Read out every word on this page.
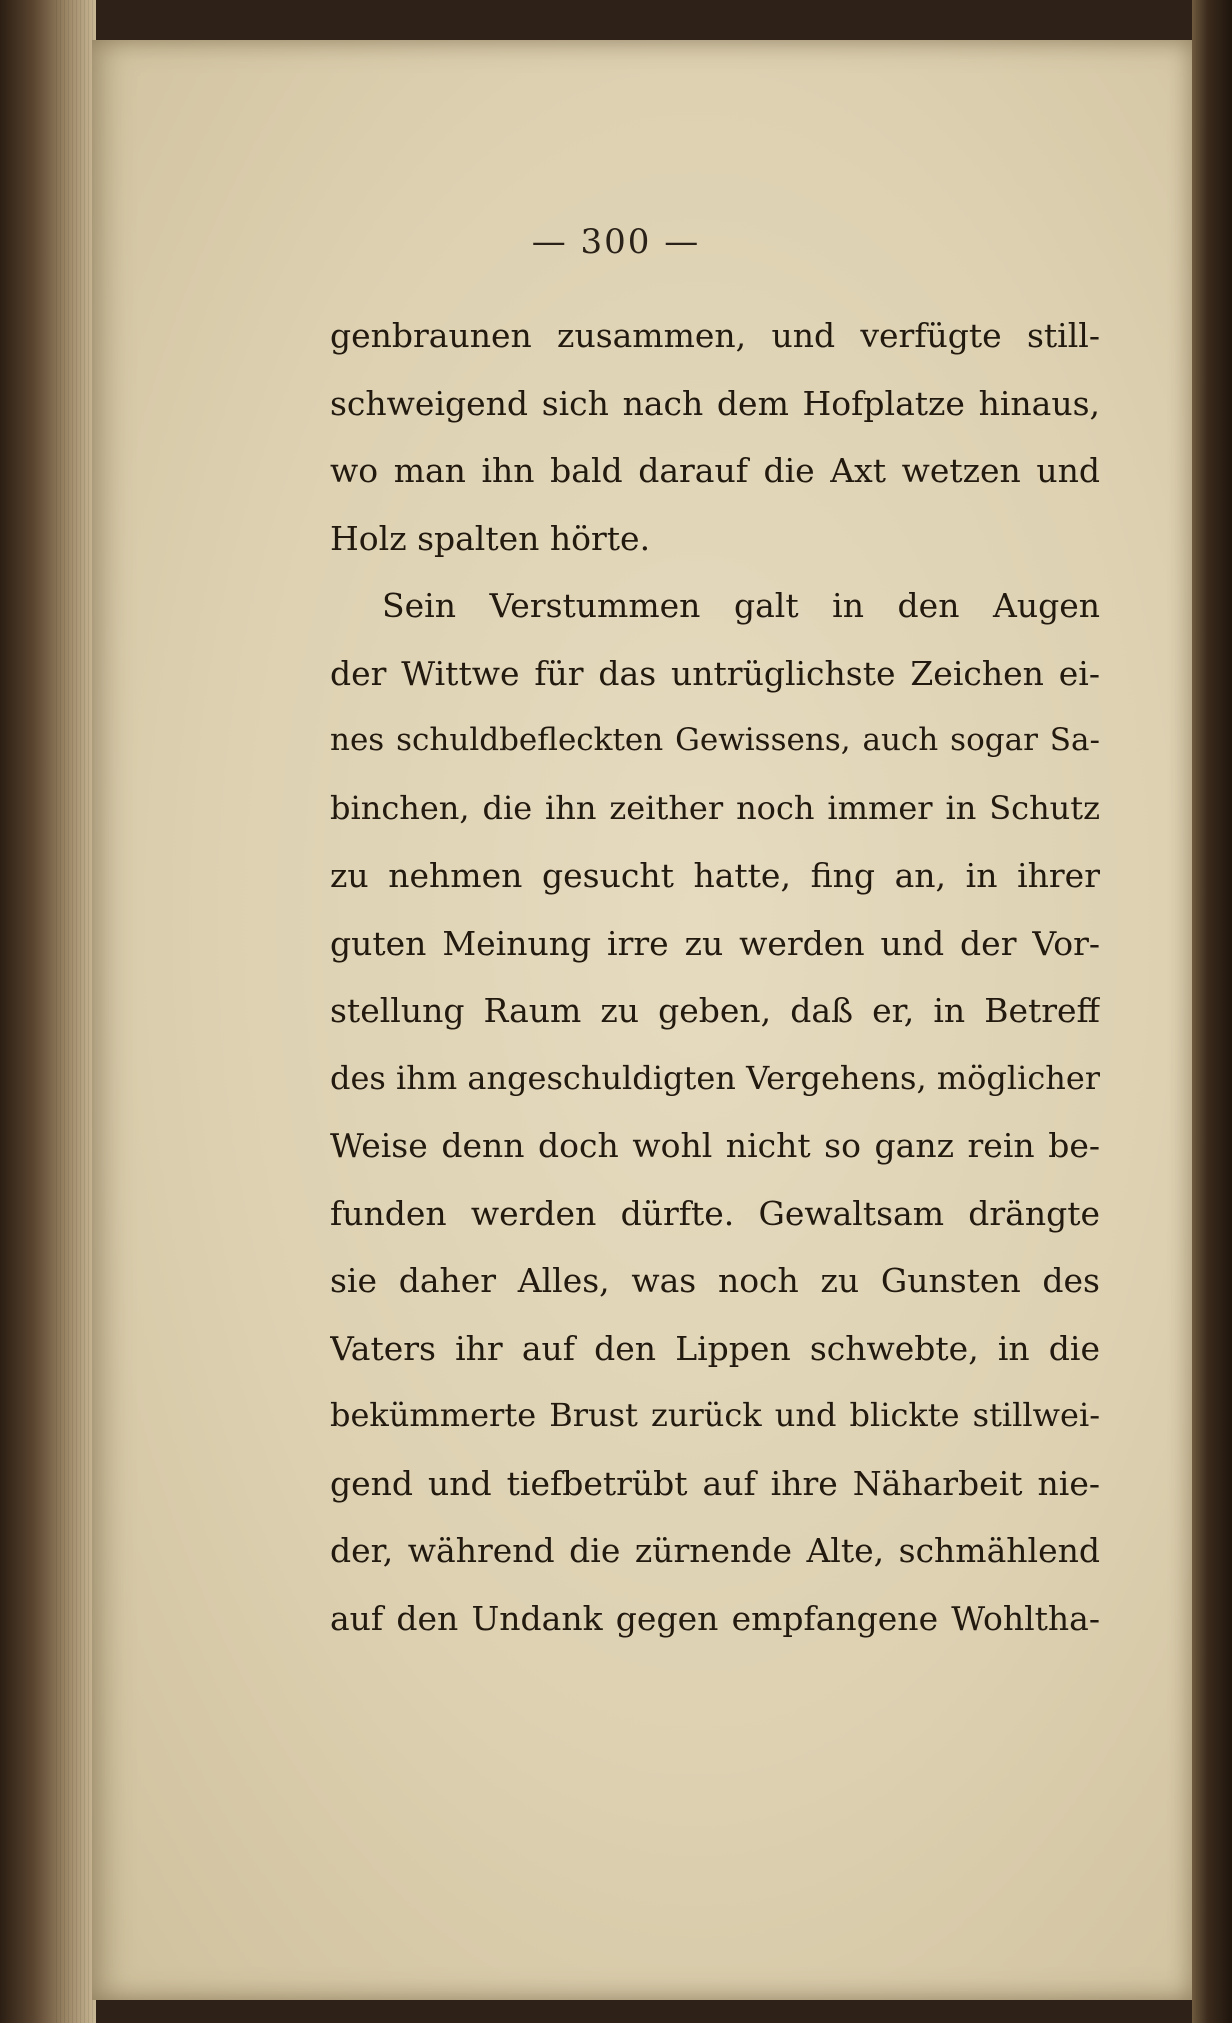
— 300 —
genbraunen zusammen, und verfügte still-
schweigend sich nach dem Hofplatze hinaus,
wo man ihn bald darauf die Axt wetzen und
Holz spalten hörte.
Sein Verstummen galt in den Augen
der Wittwe für das untrüglichste Zeichen ei-
nes schuldbefleckten Gewissens, auch sogar Sa-
binchen, die ihn zeither noch immer in Schutz
zu nehmen gesucht hatte, fing an, in ihrer
guten Meinung irre zu werden und der Vor-
stellung Raum zu geben, daß er, in Betreff
des ihm angeschuldigten Vergehens, möglicher
Weise denn doch wohl nicht so ganz rein be-
funden werden dürfte. Gewaltsam drängte
sie daher Alles, was noch zu Gunsten des
Vaters ihr auf den Lippen schwebte, in die
bekümmerte Brust zurück und blickte stillwei-
gend und tiefbetrübt auf ihre Näharbeit nie-
der, während die zürnende Alte, schmählend
auf den Undank gegen empfangene Wohltha-
